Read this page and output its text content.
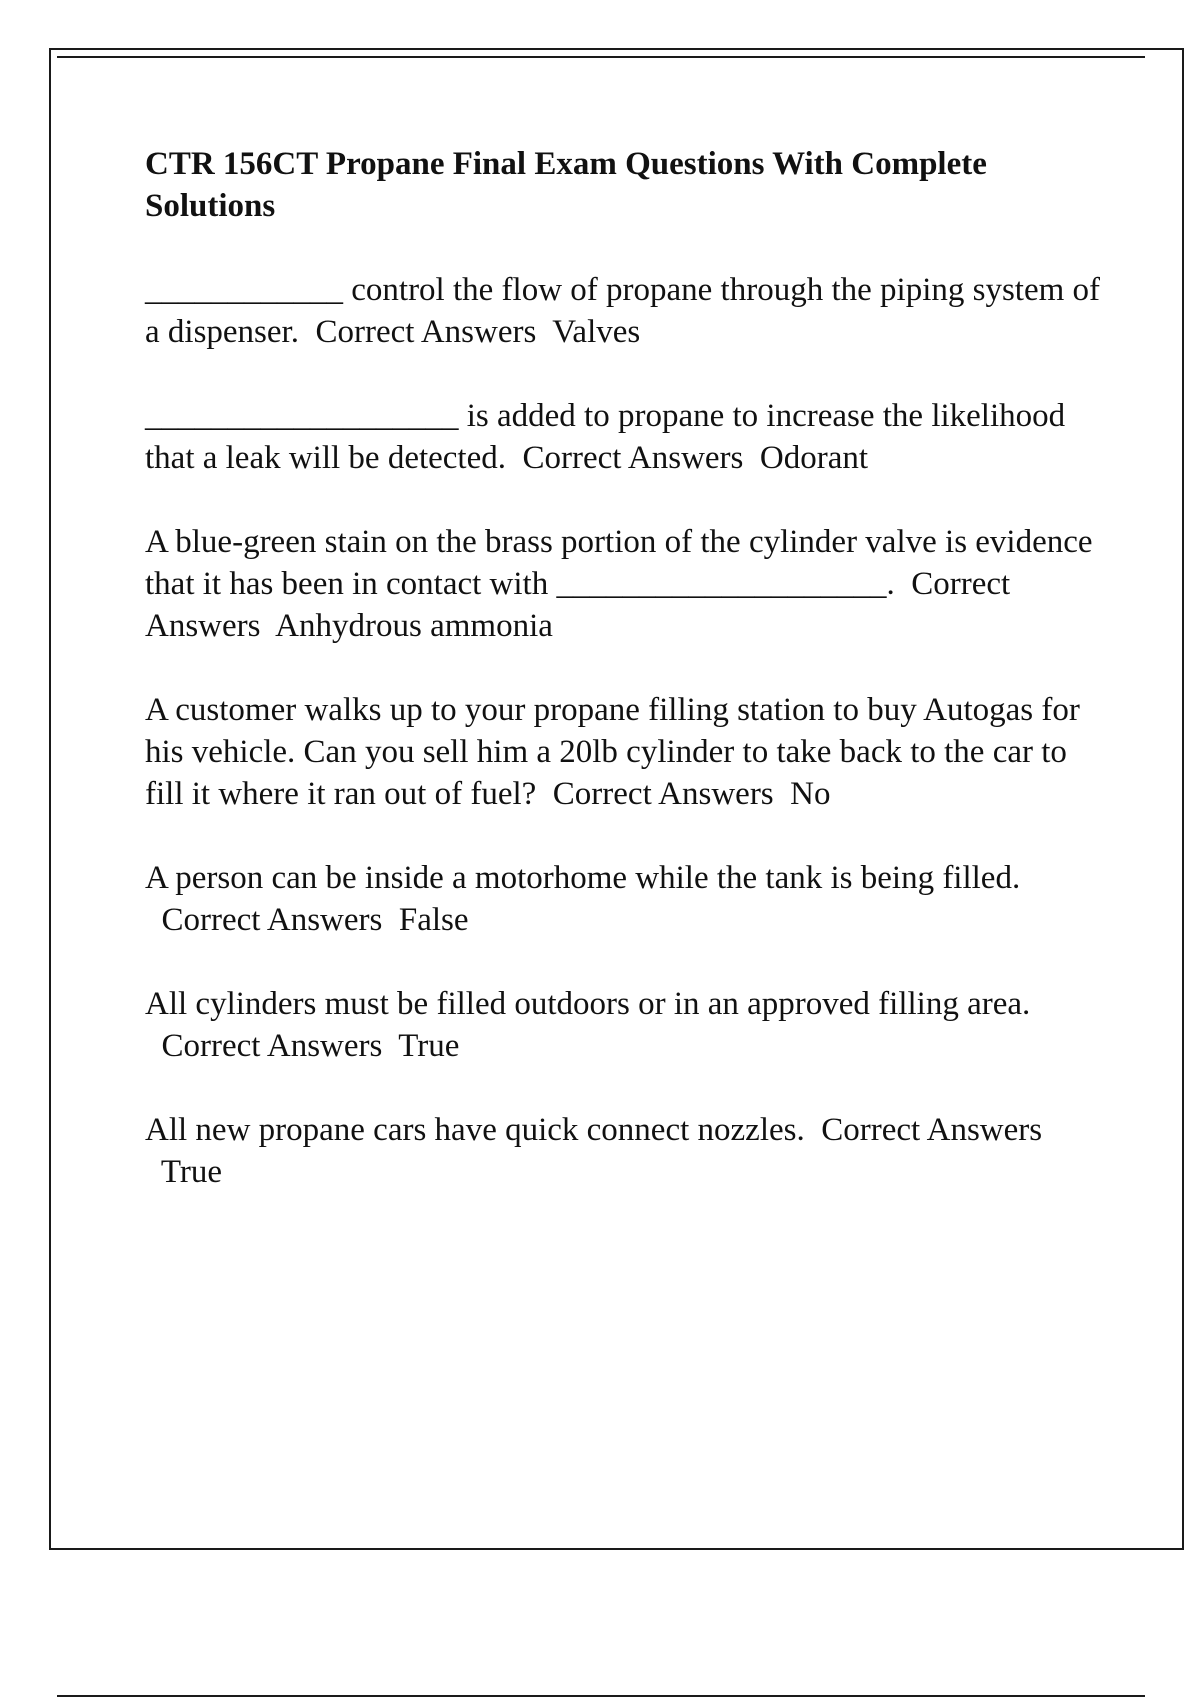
CTR 156CT Propane Final Exam Questions With Complete Solutions

____________ control the flow of propane through the piping system of a dispenser. Correct Answers Valves

___________________ is added to propane to increase the likelihood that a leak will be detected. Correct Answers Odorant

A blue-green stain on the brass portion of the cylinder valve is evidence that it has been in contact with ____________________. Correct Answers Anhydrous ammonia

A customer walks up to your propane filling station to buy Autogas for his vehicle. Can you sell him a 20lb cylinder to take back to the car to fill it where it ran out of fuel? Correct Answers No

A person can be inside a motorhome while the tank is being filled.  Correct Answers False

All cylinders must be filled outdoors or in an approved filling area.  Correct Answers True

All new propane cars have quick connect nozzles. Correct Answers  True
